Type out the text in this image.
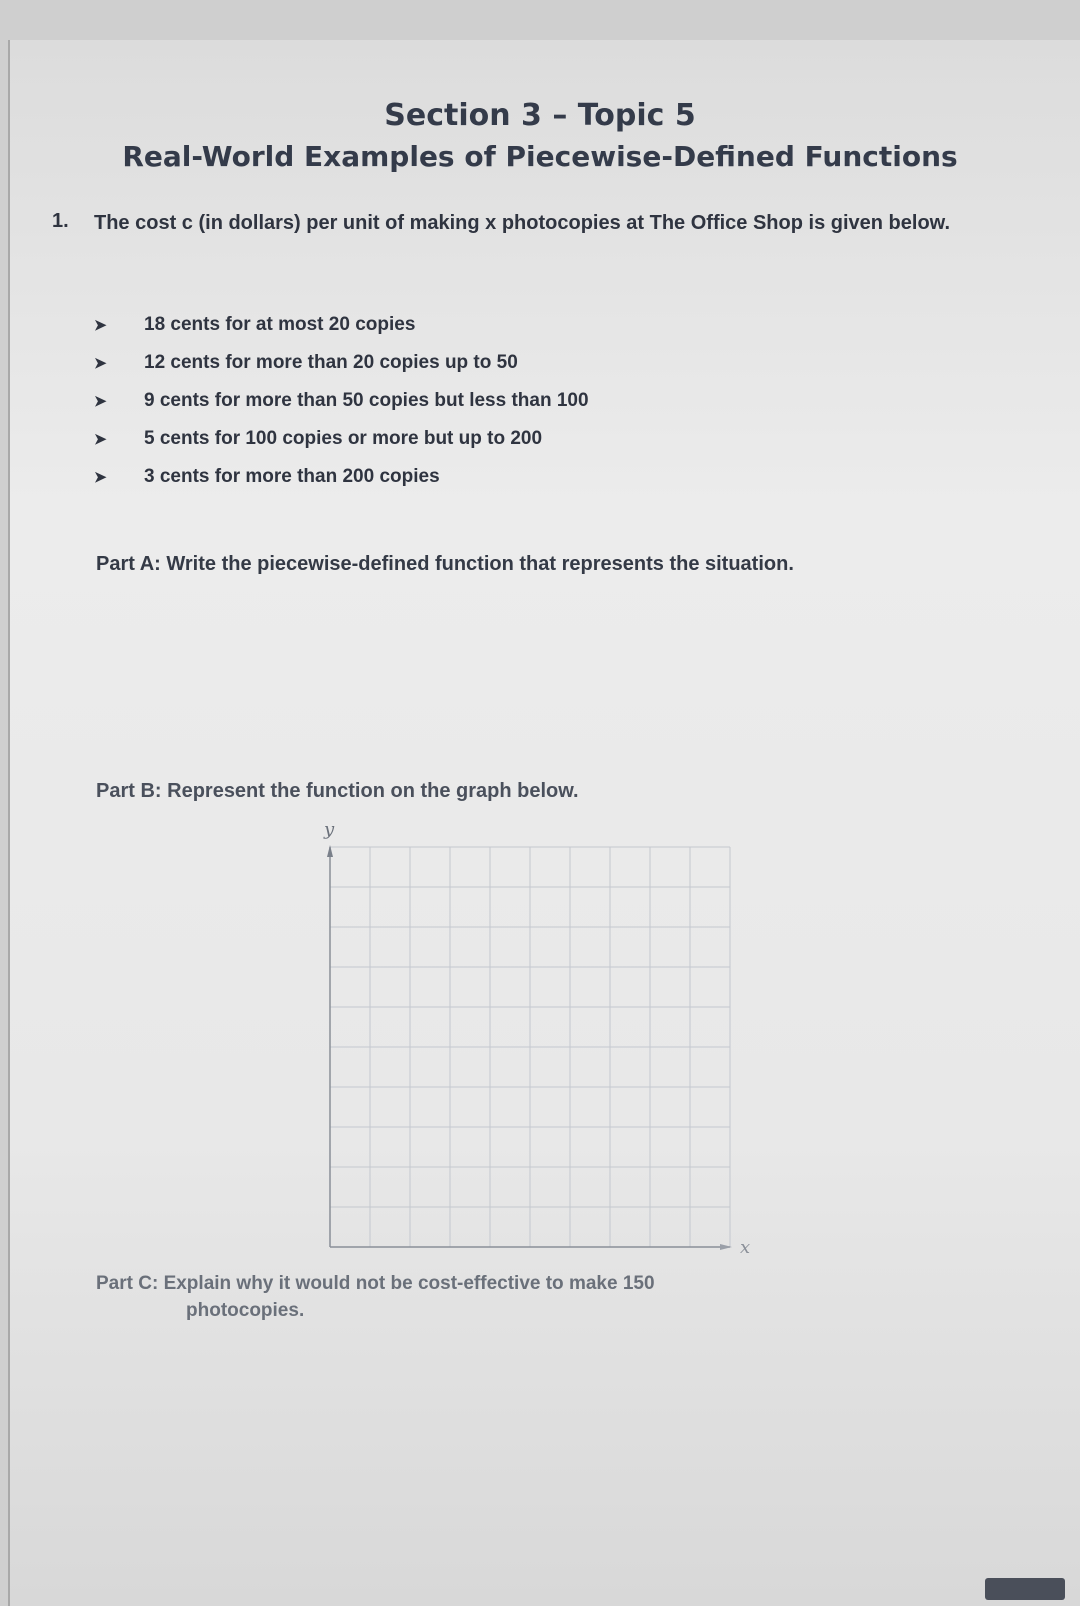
Section 3 – Topic 5
Real-World Examples of Piecewise-Defined Functions
1. The cost c (in dollars) per unit of making x photocopies at The Office Shop is given below.
➤	18 cents for at most 20 copies
➤	12 cents for more than 20 copies up to 50
➤	9 cents for more than 50 copies but less than 100
➤	5 cents for 100 copies or more but up to 200
➤	3 cents for more than 200 copies
Part A: Write the piecewise-defined function that represents the situation.
Part B: Represent the function on the graph below.
y
x
Part C: Explain why it would not be cost-effective to make 150
photocopies.
